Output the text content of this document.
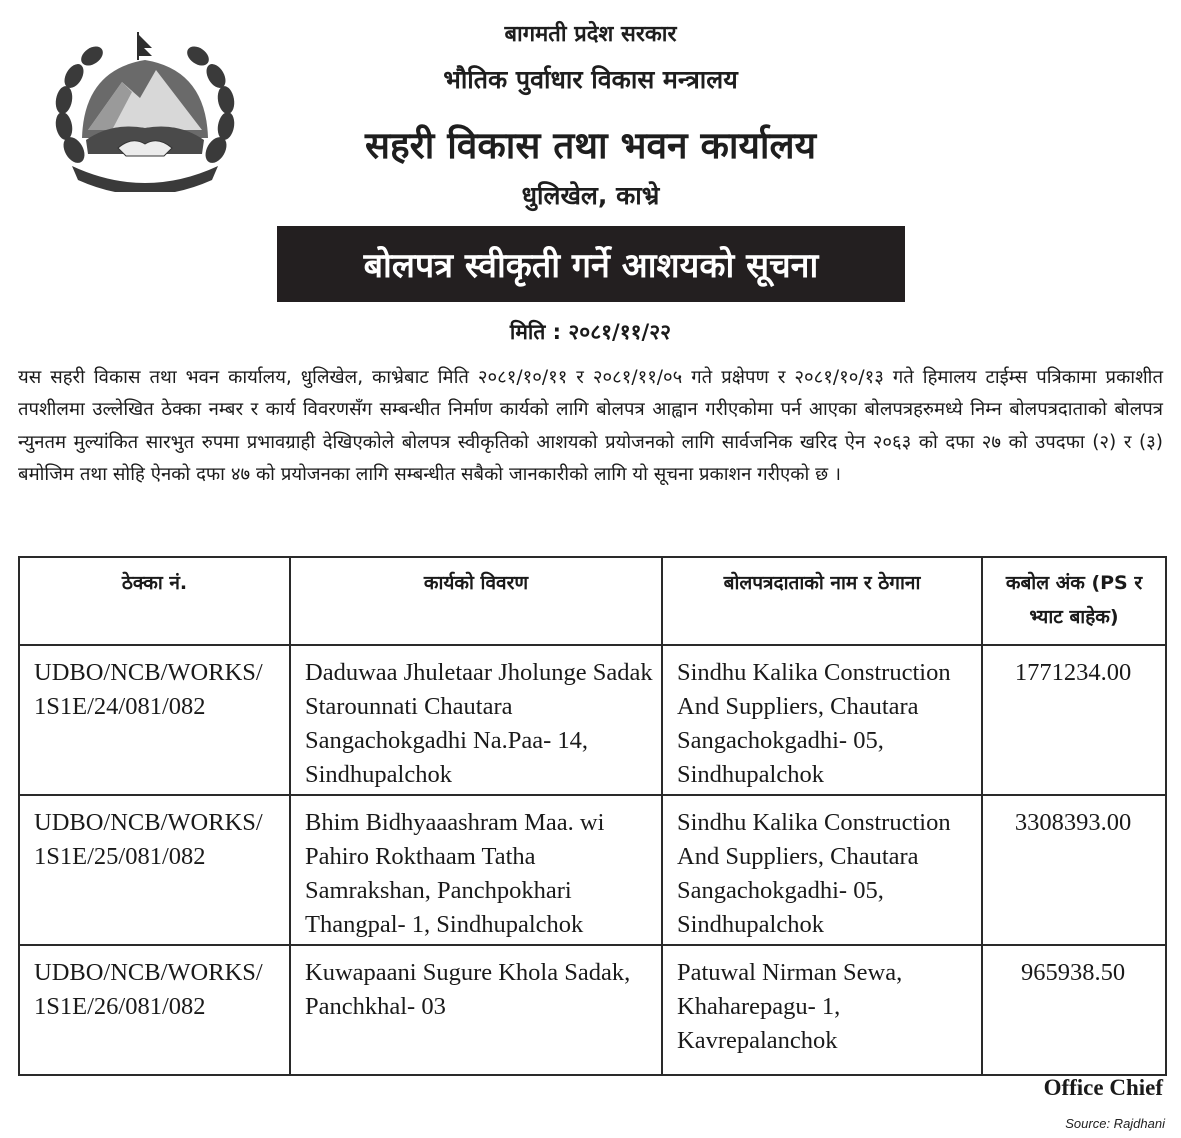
बागमती प्रदेश सरकार
भौतिक पुर्वाधार विकास मन्त्रालय
सहरी विकास तथा भवन कार्यालय
धुलिखेल, काभ्रे
बोलपत्र स्वीकृती गर्ने आशयको सूचना
मिति : २०८१/११/२२

यस सहरी विकास तथा भवन कार्यालय, धुलिखेल, काभ्रेबाट मिति २०८१/१०/११ र २०८१/११/०५ गते प्रक्षेपण र २०८१/१०/१३ गते हिमालय टाईम्स पत्रिकामा प्रकाशीत तपशीलमा उल्लेखित ठेक्का नम्बर र कार्य विवरणसँग सम्बन्धीत निर्माण कार्यको लागि बोलपत्र आह्वान गरीएकोमा पर्न आएका बोलपत्रहरुमध्ये निम्न बोलपत्रदाताको बोलपत्र न्युनतम मुल्यांकित सारभुत रुपमा प्रभावग्राही देखिएकोले बोलपत्र स्वीकृतिको आशयको प्रयोजनको लागि सार्वजनिक खरिद ऐन २०६३ को दफा २७ को उपदफा (२) र (३) बमोजिम तथा सोहि ऐनको दफा ४७ को प्रयोजनका लागि सम्बन्धीत सबैको जानकारीको लागि यो सूचना प्रकाशन गरीएको छ ।

ठेक्का नं.	कार्यको विवरण	बोलपत्रदाताको नाम र ठेगाना	कबोल अंक (PS र भ्याट बाहेक)
UDBO/NCB/WORKS/ 1S1E/24/081/082	Daduwaa Jhuletaar Jholunge Sadak Starounnati Chautara Sangachokgadhi Na.Paa- 14, Sindhupalchok	Sindhu Kalika Construction And Suppliers, Chautara Sangachokgadhi- 05, Sindhupalchok	1771234.00
UDBO/NCB/WORKS/ 1S1E/25/081/082	Bhim Bidhyaaashram Maa. wi Pahiro Rokthaam Tatha Samrakshan, Panchpokhari Thangpal- 1, Sindhupalchok	Sindhu Kalika Construction And Suppliers, Chautara Sangachokgadhi- 05, Sindhupalchok	3308393.00
UDBO/NCB/WORKS/ 1S1E/26/081/082	Kuwapaani Sugure Khola Sadak, Panchkhal- 03	Patuwal Nirman Sewa, Khaharepagu- 1, Kavrepalanchok	965938.50
Office Chief
Source: Rajdhani
